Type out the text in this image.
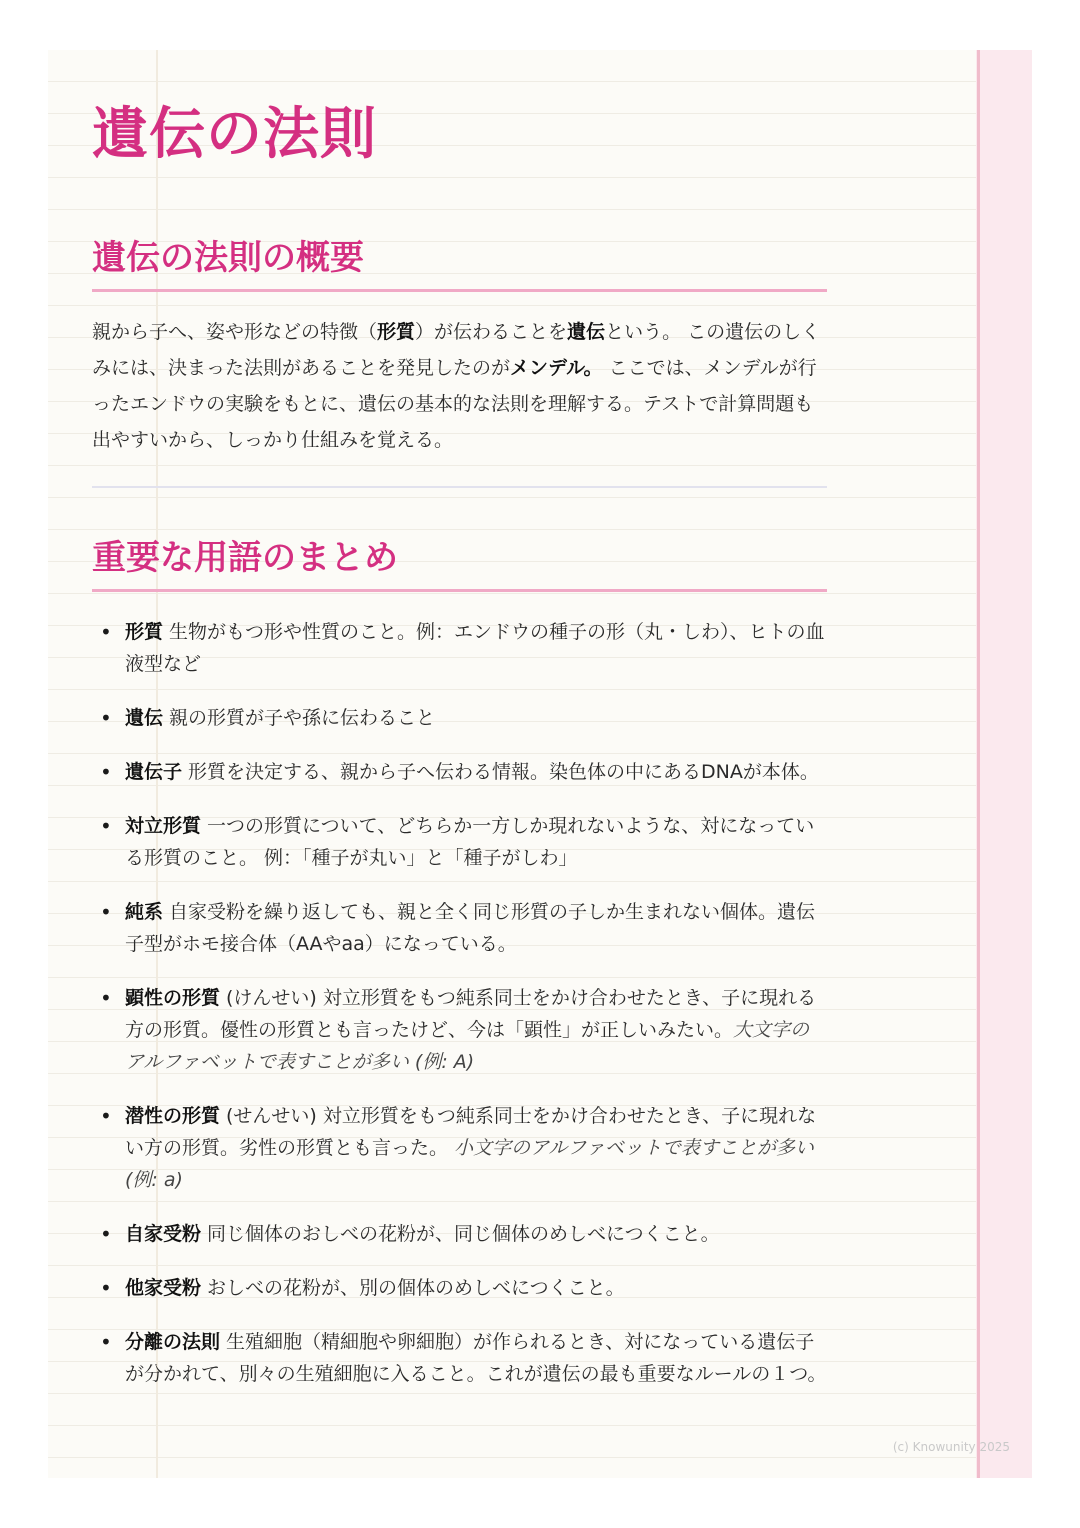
遺伝の法則
遺伝の法則の概要

親から子へ、姿や形などの特徴（形質）が伝わることを遺伝という。 この遺伝のしくみには、決まった法則があることを発見したのがメンデル。 ここでは、メンデルが行ったエンドウの実験をもとに、遺伝の基本的な法則を理解する。テストで計算問題も出やすいから、しっかり仕組みを覚える。

重要な用語のまとめ
• 形質 生物がもつ形や性質のこと。例：エンドウの種子の形（丸・しわ）、ヒトの血液型など
• 遺伝 親の形質が子や孫に伝わること
• 遺伝子 形質を決定する、親から子へ伝わる情報。染色体の中にあるDNAが本体。
• 対立形質 一つの形質について、どちらか一方しか現れないような、対になっている形質のこと。 例：「種子が丸い」と「種子がしわ」
• 純系 自家受粉を繰り返しても、親と全く同じ形質の子しか生まれない個体。遺伝子型がホモ接合体（AAやaa）になっている。
• 顕性の形質 (けんせい) 対立形質をもつ純系同士をかけ合わせたとき、子に現れる方の形質。優性の形質とも言ったけど、今は「顕性」が正しいみたい。大文字のアルファベットで表すことが多い (例: A)
• 潜性の形質 (せんせい) 対立形質をもつ純系同士をかけ合わせたとき、子に現れない方の形質。劣性の形質とも言った。 小文字のアルファベットで表すことが多い (例: a)
• 自家受粉 同じ個体のおしべの花粉が、同じ個体のめしべにつくこと。
• 他家受粉 おしべの花粉が、別の個体のめしべにつくこと。
• 分離の法則 生殖細胞（精細胞や卵細胞）が作られるとき、対になっている遺伝子が分かれて、別々の生殖細胞に入ること。これが遺伝の最も重要なルールの１つ。
(c) Knowunity 2025
